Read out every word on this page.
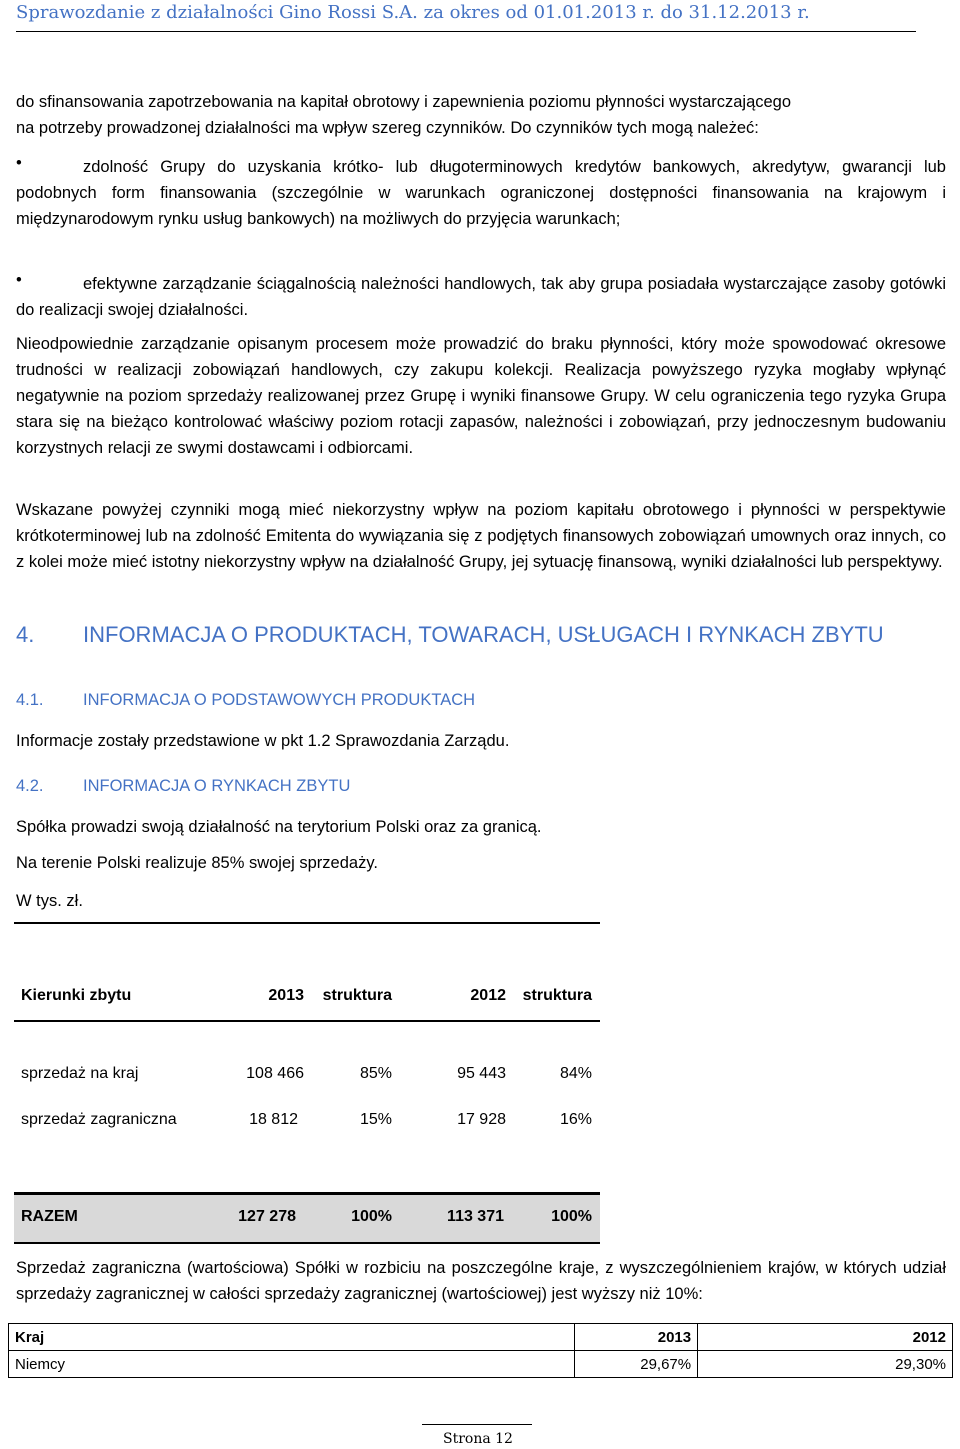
Sprawozdanie z działalności Gino Rossi S.A. za okres od 01.01.2013 r. do 31.12.2013 r.
do sfinansowania zapotrzebowania na kapitał obrotowy i zapewnienia poziomu płynności wystarczającego
na potrzeby prowadzonej działalności ma wpływ szereg czynników. Do czynników tych mogą należeć:
•	zdolność Grupy do uzyskania krótko- lub długoterminowych kredytów bankowych, akredytyw, gwarancji lub podobnych form finansowania (szczególnie w warunkach ograniczonej dostępności finansowania na krajowym i międzynarodowym rynku usług bankowych) na możliwych do przyjęcia warunkach;
•	efektywne zarządzanie ściągalnością należności handlowych, tak aby grupa posiadała wystarczające zasoby gotówki do realizacji swojej działalności.
Nieodpowiednie zarządzanie opisanym procesem może prowadzić do braku płynności, który może spowodować okresowe trudności w realizacji zobowiązań handlowych, czy zakupu kolekcji. Realizacja powyższego ryzyka mogłaby wpłynąć negatywnie na poziom sprzedaży realizowanej przez Grupę i wyniki finansowe Grupy. W celu ograniczenia tego ryzyka Grupa stara się na bieżąco kontrolować właściwy poziom rotacji zapasów, należności i zobowiązań, przy jednoczesnym budowaniu korzystnych relacji ze swymi dostawcami i odbiorcami.
Wskazane powyżej czynniki mogą mieć niekorzystny wpływ na poziom kapitału obrotowego i płynności w perspektywie krótkoterminowej lub na zdolność Emitenta do wywiązania się z podjętych finansowych zobowiązań umownych oraz innych, co z kolei może mieć istotny niekorzystny wpływ na działalność Grupy, jej sytuację finansową, wyniki działalności lub perspektywy.
4. INFORMACJA O PRODUKTACH, TOWARACH, USŁUGACH I RYNKACH ZBYTU
4.1. INFORMACJA O PODSTAWOWYCH PRODUKTACH
Informacje zostały przedstawione w pkt 1.2 Sprawozdania Zarządu.
4.2. INFORMACJA O RYNKACH ZBYTU
Spółka prowadzi swoją działalność na terytorium Polski oraz za granicą.
Na terenie Polski realizuje 85% swojej sprzedaży.
W tys. zł.
Kierunki zbytu	2013	struktura	2012	struktura
sprzedaż na kraj	108 466	85%	95 443	84%
sprzedaż zagraniczna	18 812	15%	17 928	16%
RAZEM	127 278	100%	113 371	100%
Sprzedaż zagraniczna (wartościowa) Spółki w rozbiciu na poszczególne kraje, z wyszczególnieniem krajów, w których udział sprzedaży zagranicznej w całości sprzedaży zagranicznej (wartościowej) jest wyższy niż 10%:
Kraj	2013	2012
Niemcy	29,67%	29,30%
Strona 12
